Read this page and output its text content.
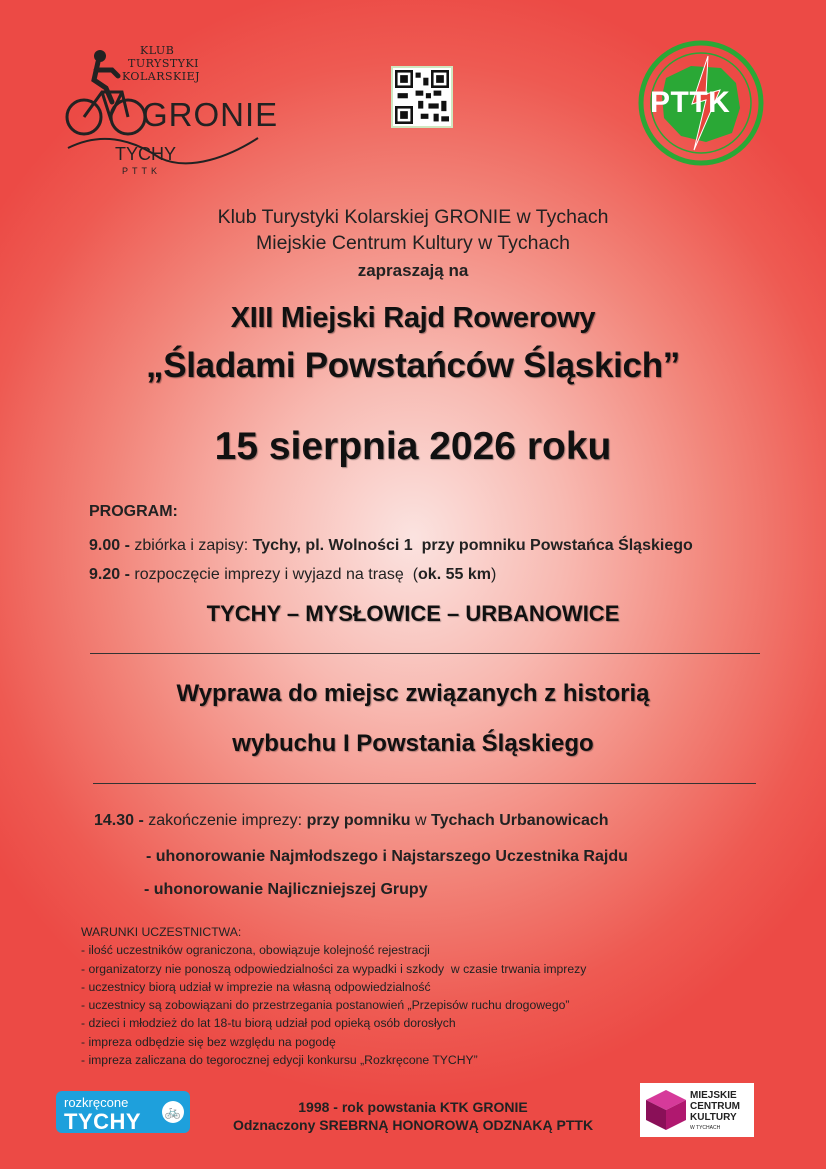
KLUB
TURYSTYKI
KOLARSKIEJ
GRONIE
TYCHY
PTTK
PTTK
Klub Turystyki Kolarskiej GRONIE w Tychach
Miejskie Centrum Kultury w Tychach
zapraszają na
XIII Miejski Rajd Rowerowy
„Śladami Powstańców Śląskich”
15 sierpnia 2026 roku
PROGRAM:
9.00 - zbiórka i zapisy: Tychy, pl. Wolności 1  przy pomniku Powstańca Śląskiego
9.20 - rozpoczęcie imprezy i wyjazd na trasę  (ok. 55 km)
TYCHY – MYSŁOWICE – URBANOWICE
Wyprawa do miejsc związanych z historią
wybuchu I Powstania Śląskiego
14.30 - zakończenie imprezy: przy pomniku w Tychach Urbanowicach
- uhonorowanie Najmłodszego i Najstarszego Uczestnika Rajdu
- uhonorowanie Najliczniejszej Grupy
WARUNKI UCZESTNICTWA:
- ilość uczestników ograniczona, obowiązuje kolejność rejestracji
- organizatorzy nie ponoszą odpowiedzialności za wypadki i szkody  w czasie trwania imprezy
- uczestnicy biorą udział w imprezie na własną odpowiedzialność
- uczestnicy są zobowiązani do przestrzegania postanowień „Przepisów ruchu drogowego”
- dzieci i młodzież do lat 18-tu biorą udział pod opieką osób dorosłych
- impreza odbędzie się bez względu na pogodę
- impreza zaliczana do tegorocznej edycji konkursu „Rozkręcone TYCHY”
rozkręcone
TYCHY 🚲	1998 - rok powstania KTK GRONIE
Odznaczony SREBRNĄ HONOROWĄ ODZNAKĄ PTTK
MIEJSKIE
CENTRUM
KULTURY
W TYCHACH
